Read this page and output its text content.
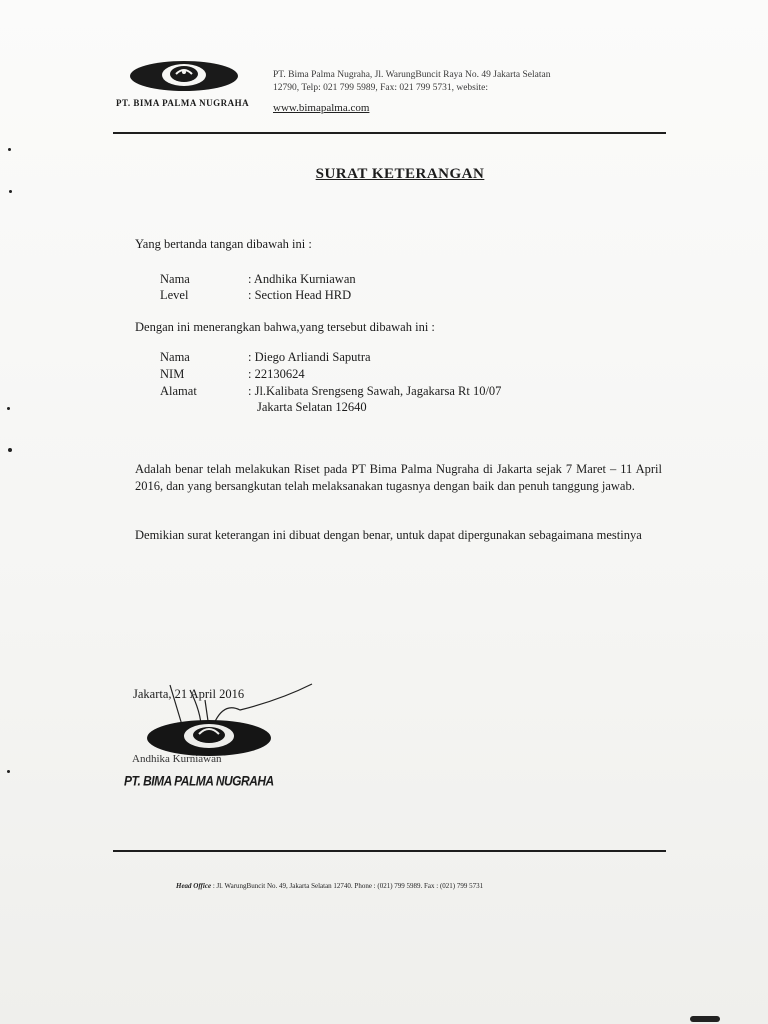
PT. BIMA PALMA NUGRAHA
PT. Bima Palma Nugraha, Jl. WarungBuncit Raya No. 49 Jakarta Selatan
12790, Telp: 021 799 5989, Fax: 021 799 5731, website:
www.bimapalma.com
SURAT KETERANGAN
Yang bertanda tangan dibawah ini :
Nama	: Andhika Kurniawan
Level	: Section Head HRD
Dengan ini menerangkan bahwa,yang tersebut dibawah ini :
Nama	: Diego Arliandi Saputra
NIM	: 22130624
Alamat	: Jl.Kalibata Srengseng Sawah, Jagakarsa Rt 10/07
Jakarta Selatan 12640
Adalah benar telah melakukan Riset pada PT Bima Palma Nugraha di Jakarta sejak 7 Maret – 11 April 2016, dan yang bersangkutan telah melaksanakan tugasnya dengan baik dan penuh tanggung jawab.
Demikian surat keterangan ini dibuat dengan benar, untuk dapat dipergunakan sebagaimana mestinya
Jakarta, 21 April 2016
Andhika Kurniawan
PT. BIMA PALMA NUGRAHA
Head Office : Jl. WarungBuncit No. 49, Jakarta Selatan 12740. Phone : (021) 799 5989. Fax : (021) 799 5731
